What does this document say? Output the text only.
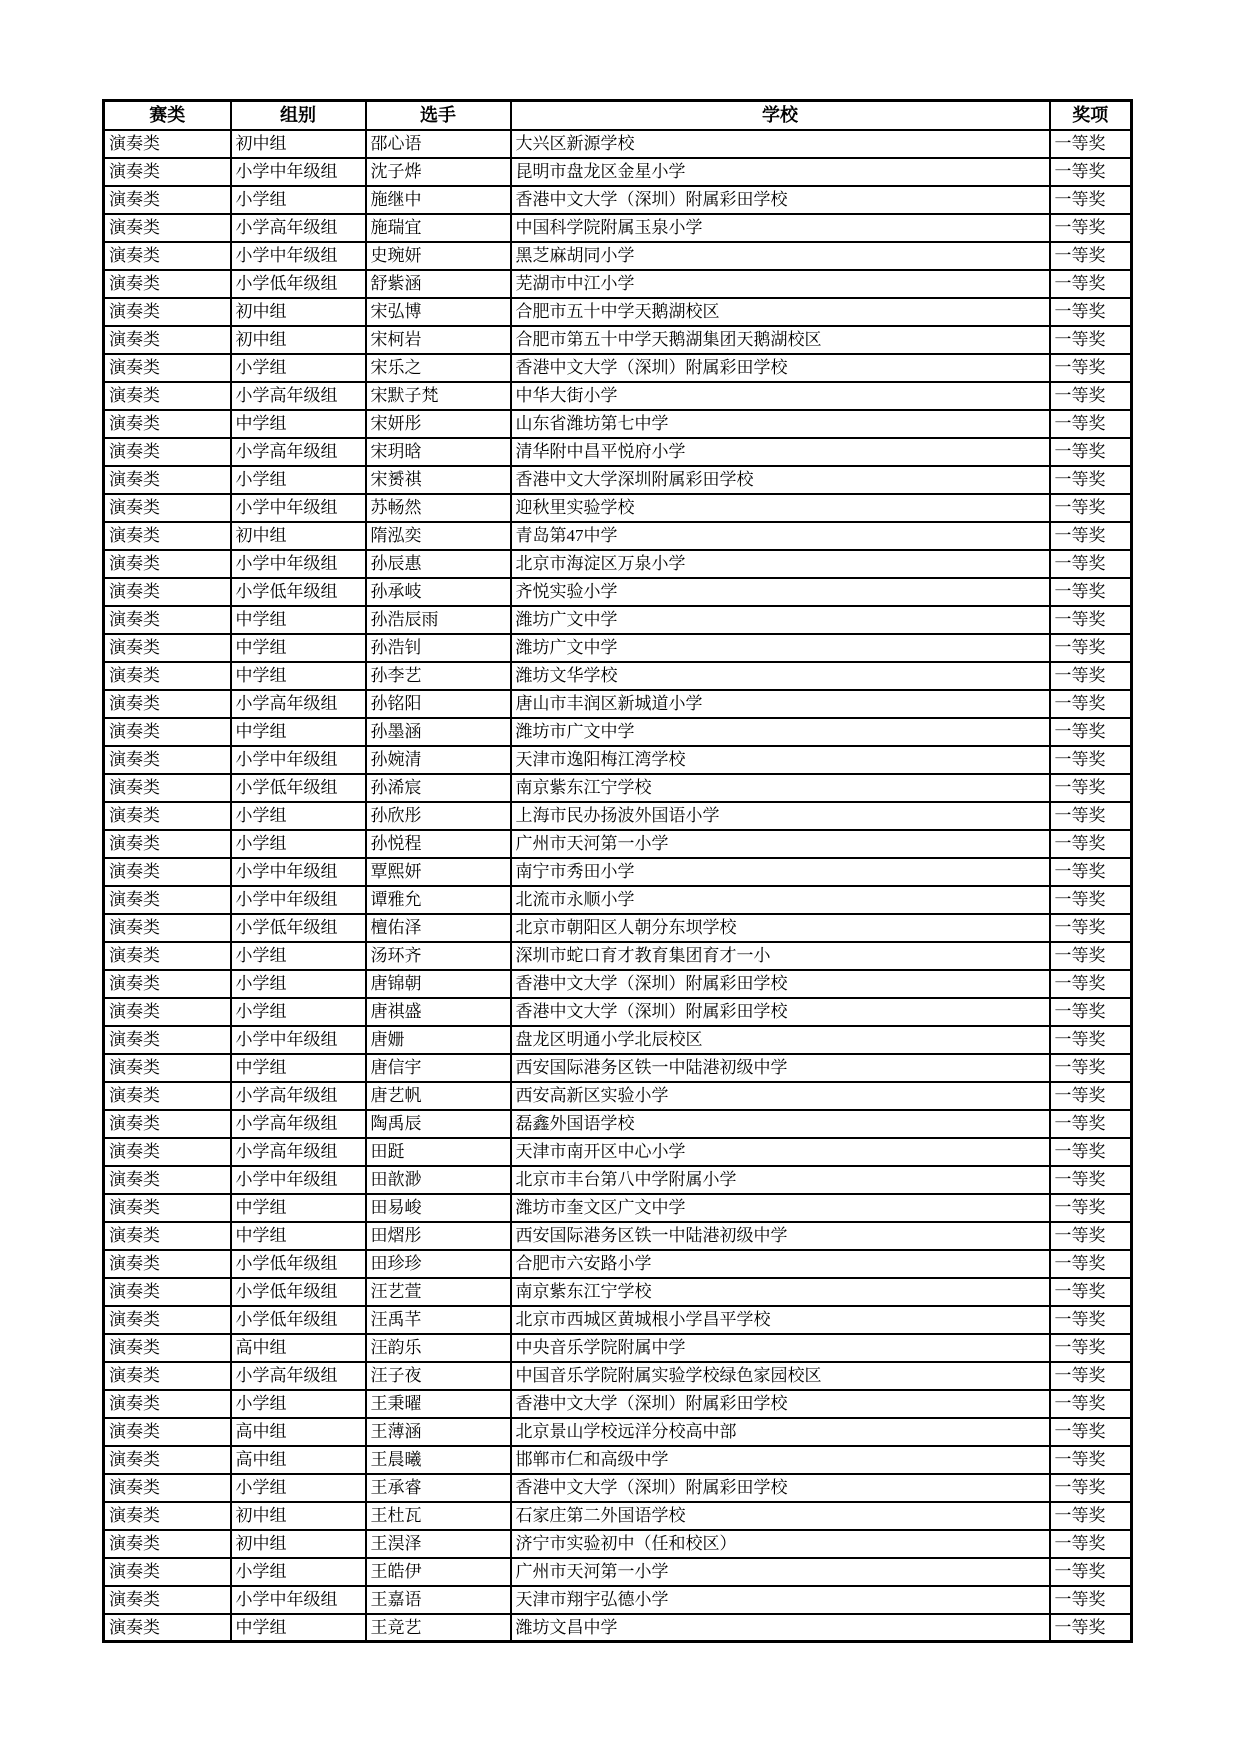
赛类	组别	选手	学校	奖项
演奏类	初中组	邵心语	大兴区新源学校	一等奖
演奏类	小学中年级组	沈子烨	昆明市盘龙区金星小学	一等奖
演奏类	小学组	施继中	香港中文大学（深圳）附属彩田学校	一等奖
演奏类	小学高年级组	施瑞宜	中国科学院附属玉泉小学	一等奖
演奏类	小学中年级组	史琬妍	黑芝麻胡同小学	一等奖
演奏类	小学低年级组	舒紫涵	芜湖市中江小学	一等奖
演奏类	初中组	宋弘博	合肥市五十中学天鹅湖校区	一等奖
演奏类	初中组	宋柯岩	合肥市第五十中学天鹅湖集团天鹅湖校区	一等奖
演奏类	小学组	宋乐之	香港中文大学（深圳）附属彩田学校	一等奖
演奏类	小学高年级组	宋默子梵	中华大街小学	一等奖
演奏类	中学组	宋妍彤	山东省潍坊第七中学	一等奖
演奏类	小学高年级组	宋玥晗	清华附中昌平悦府小学	一等奖
演奏类	小学组	宋赟祺	香港中文大学深圳附属彩田学校	一等奖
演奏类	小学中年级组	苏畅然	迎秋里实验学校	一等奖
演奏类	初中组	隋泓奕	青岛第47中学	一等奖
演奏类	小学中年级组	孙辰惠	北京市海淀区万泉小学	一等奖
演奏类	小学低年级组	孙承岐	齐悦实验小学	一等奖
演奏类	中学组	孙浩辰雨	潍坊广文中学	一等奖
演奏类	中学组	孙浩钊	潍坊广文中学	一等奖
演奏类	中学组	孙李艺	潍坊文华学校	一等奖
演奏类	小学高年级组	孙铭阳	唐山市丰润区新城道小学	一等奖
演奏类	中学组	孙墨涵	潍坊市广文中学	一等奖
演奏类	小学中年级组	孙婉清	天津市逸阳梅江湾学校	一等奖
演奏类	小学低年级组	孙浠宸	南京紫东江宁学校	一等奖
演奏类	小学组	孙欣彤	上海市民办扬波外国语小学	一等奖
演奏类	小学组	孙悦程	广州市天河第一小学	一等奖
演奏类	小学中年级组	覃熙妍	南宁市秀田小学	一等奖
演奏类	小学中年级组	谭雅允	北流市永顺小学	一等奖
演奏类	小学低年级组	檀佑泽	北京市朝阳区人朝分东坝学校	一等奖
演奏类	小学组	汤环齐	深圳市蛇口育才教育集团育才一小	一等奖
演奏类	小学组	唐锦朝	香港中文大学（深圳）附属彩田学校	一等奖
演奏类	小学组	唐祺盛	香港中文大学（深圳）附属彩田学校	一等奖
演奏类	小学中年级组	唐姗	盘龙区明通小学北辰校区	一等奖
演奏类	中学组	唐信宇	西安国际港务区铁一中陆港初级中学	一等奖
演奏类	小学高年级组	唐艺帆	西安高新区实验小学	一等奖
演奏类	小学高年级组	陶禹辰	磊鑫外国语学校	一等奖
演奏类	小学高年级组	田跹	天津市南开区中心小学	一等奖
演奏类	小学中年级组	田歆渺	北京市丰台第八中学附属小学	一等奖
演奏类	中学组	田易峻	潍坊市奎文区广文中学	一等奖
演奏类	中学组	田熠彤	西安国际港务区铁一中陆港初级中学	一等奖
演奏类	小学低年级组	田珍珍	合肥市六安路小学	一等奖
演奏类	小学低年级组	汪艺萱	南京紫东江宁学校	一等奖
演奏类	小学低年级组	汪禹芊	北京市西城区黄城根小学昌平学校	一等奖
演奏类	高中组	汪韵乐	中央音乐学院附属中学	一等奖
演奏类	小学高年级组	汪子夜	中国音乐学院附属实验学校绿色家园校区	一等奖
演奏类	小学组	王秉曜	香港中文大学（深圳）附属彩田学校	一等奖
演奏类	高中组	王薄涵	北京景山学校远洋分校高中部	一等奖
演奏类	高中组	王晨曦	邯郸市仁和高级中学	一等奖
演奏类	小学组	王承睿	香港中文大学（深圳）附属彩田学校	一等奖
演奏类	初中组	王杜瓦	石家庄第二外国语学校	一等奖
演奏类	初中组	王淏泽	济宁市实验初中（任和校区）	一等奖
演奏类	小学组	王皓伊	广州市天河第一小学	一等奖
演奏类	小学中年级组	王嘉语	天津市翔宇弘德小学	一等奖
演奏类	中学组	王竞艺	潍坊文昌中学	一等奖
